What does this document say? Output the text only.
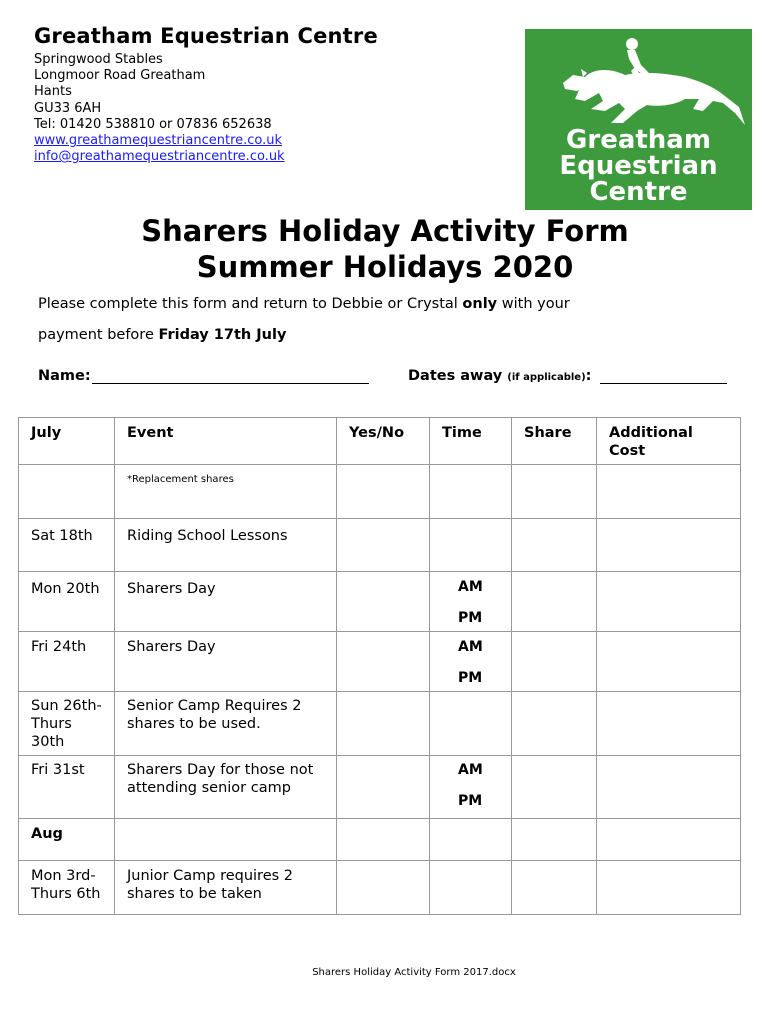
Greatham Equestrian Centre
Springwood Stables
Longmoor Road Greatham
Hants
GU33 6AH
Tel: 01420 538810 or 07836 652638
www.greathamequestriancentre.co.uk
info@greathamequestriancentre.co.uk
Greatham
Equestrian
Centre
Sharers Holiday Activity Form
Summer Holidays 2020
Please complete this form and return to Debbie or Crystal only with your
payment before Friday 17th July
Name:	Dates away (if applicable):
July	Event	Yes/No	Time	Share	Additional Cost
	*Replacement shares				
Sat 18th	Riding School Lessons				
Mon 20th	Sharers Day		AM
PM		

Fri 24th	Sharers Day		AM
PM		

Sun 26th-Thurs 30th	Senior Camp Requires 2 shares to be used.				
Fri 31st	Sharers Day for those not attending senior camp		AM
PM		

Aug					
Mon 3rd-Thurs 6th	Junior Camp requires 2 shares to be taken				
Sharers Holiday Activity Form 2017.docx
